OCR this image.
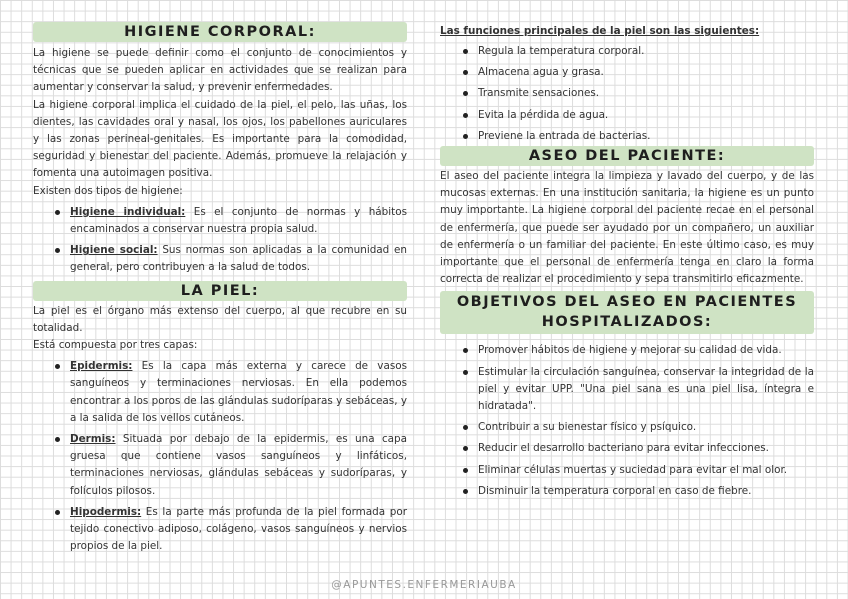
HIGIENE CORPORAL:

La higiene se puede definir como el conjunto de conocimientos y técnicas que se pueden aplicar en actividades que se realizan para aumentar y conservar la salud, y prevenir enfermedades.

La higiene corporal implica el cuidado de la piel, el pelo, las uñas, los dientes, las cavidades oral y nasal, los ojos, los pabellones auriculares y las zonas perineal-genitales. Es importante para la comodidad, seguridad y bienestar del paciente. Además, promueve la relajación y fomenta una autoimagen positiva.

Existen dos tipos de higiene:

Higiene individual: Es el conjunto de normas y hábitos encaminados a conservar nuestra propia salud.
Higiene social: Sus normas son aplicadas a la comunidad en general, pero contribuyen a la salud de todos.
LA PIEL:

La piel es el órgano más extenso del cuerpo, al que recubre en su totalidad.

Está compuesta por tres capas:

Epidermis: Es la capa más externa y carece de vasos sanguíneos y terminaciones nerviosas. En ella podemos encontrar a los poros de las glándulas sudoríparas y sebáceas, y a la salida de los vellos cutáneos.
Dermis: Situada por debajo de la epidermis, es una capa gruesa que contiene vasos sanguíneos y linfáticos, terminaciones nerviosas, glándulas sebáceas y sudoríparas, y folículos pilosos.
Hipodermis: Es la parte más profunda de la piel formada por tejido conectivo adiposo, colágeno, vasos sanguíneos y nervios propios de la piel.
Las funciones principales de la piel son las siguientes:
Regula la temperatura corporal.
Almacena agua y grasa.
Transmite sensaciones.
Evita la pérdida de agua.
Previene la entrada de bacterias.
ASEO DEL PACIENTE:

El aseo del paciente integra la limpieza y lavado del cuerpo, y de las mucosas externas. En una institución sanitaria, la higiene es un punto muy importante. La higiene corporal del paciente recae en el personal de enfermería, que puede ser ayudado por un compañero, un auxiliar de enfermería o un familiar del paciente. En este último caso, es muy importante que el personal de enfermería tenga en claro la forma correcta de realizar el procedimiento y sepa transmitirlo eficazmente.

OBJETIVOS DEL ASEO EN PACIENTES
HOSPITALIZADOS:
Promover hábitos de higiene y mejorar su calidad de vida.
Estimular la circulación sanguínea, conservar la integridad de la piel y evitar UPP. "Una piel sana es una piel lisa, íntegra e hidratada".
Contribuir a su bienestar físico y psíquico.
Reducir el desarrollo bacteriano para evitar infecciones.
Eliminar células muertas y suciedad para evitar el mal olor.
Disminuir la temperatura corporal en caso de fiebre.
@APUNTES.ENFERMERIAUBA
